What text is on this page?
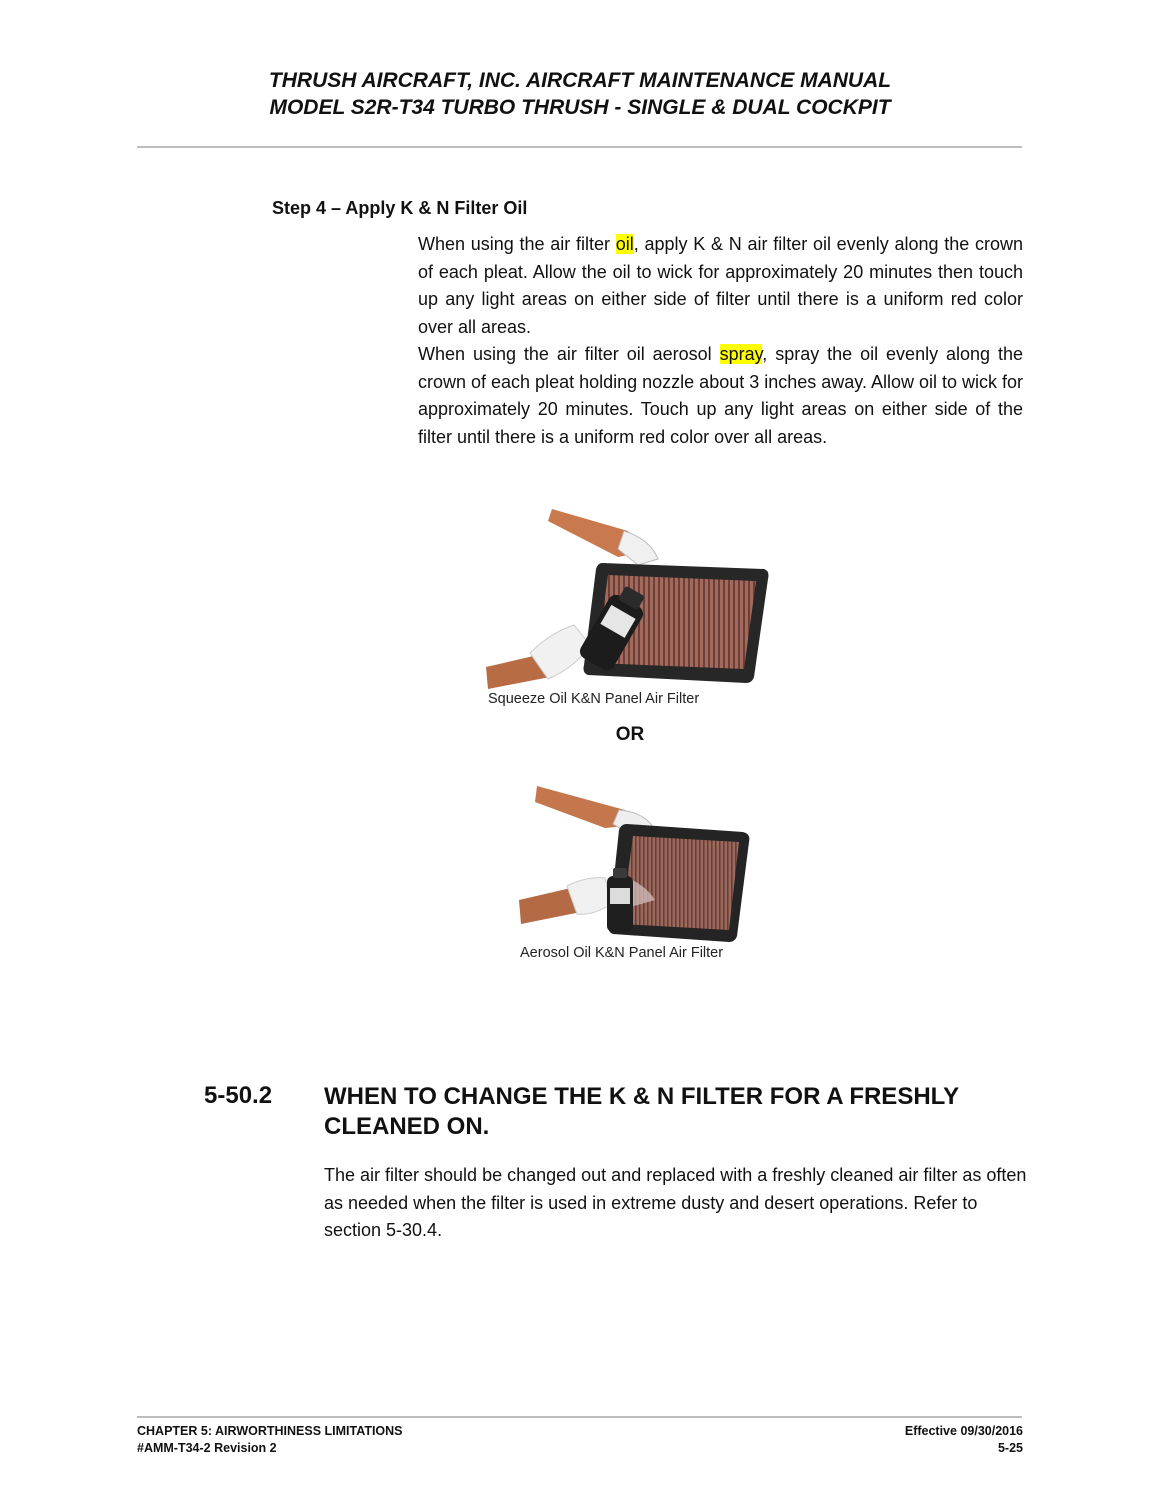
THRUSH AIRCRAFT, INC. AIRCRAFT MAINTENANCE MANUAL
MODEL S2R-T34 TURBO THRUSH - SINGLE & DUAL COCKPIT
Step 4 – Apply K & N Filter Oil

When using the air filter oil, apply K & N air filter oil evenly along the crown of each pleat. Allow the oil to wick for approximately 20 minutes then touch up any light areas on either side of filter until there is a uniform red color over all areas.

When using the air filter oil aerosol spray, spray the oil evenly along the crown of each pleat holding nozzle about 3 inches away. Allow oil to wick for approximately 20 minutes. Touch up any light areas on either side of the filter until there is a uniform red color over all areas.

Squeeze Oil K&N Panel Air Filter
OR
Aerosol Oil K&N Panel Air Filter
5-50.2 WHEN TO CHANGE THE K & N FILTER FOR A FRESHLY CLEANED ON.

The air filter should be changed out and replaced with a freshly cleaned air filter as often as needed when the filter is used in extreme dusty and desert operations. Refer to section 5-30.4.

CHAPTER 5: AIRWORTHINESS LIMITATIONS
#AMM-T34-2 Revision 2
Effective 09/30/2016
5-25
